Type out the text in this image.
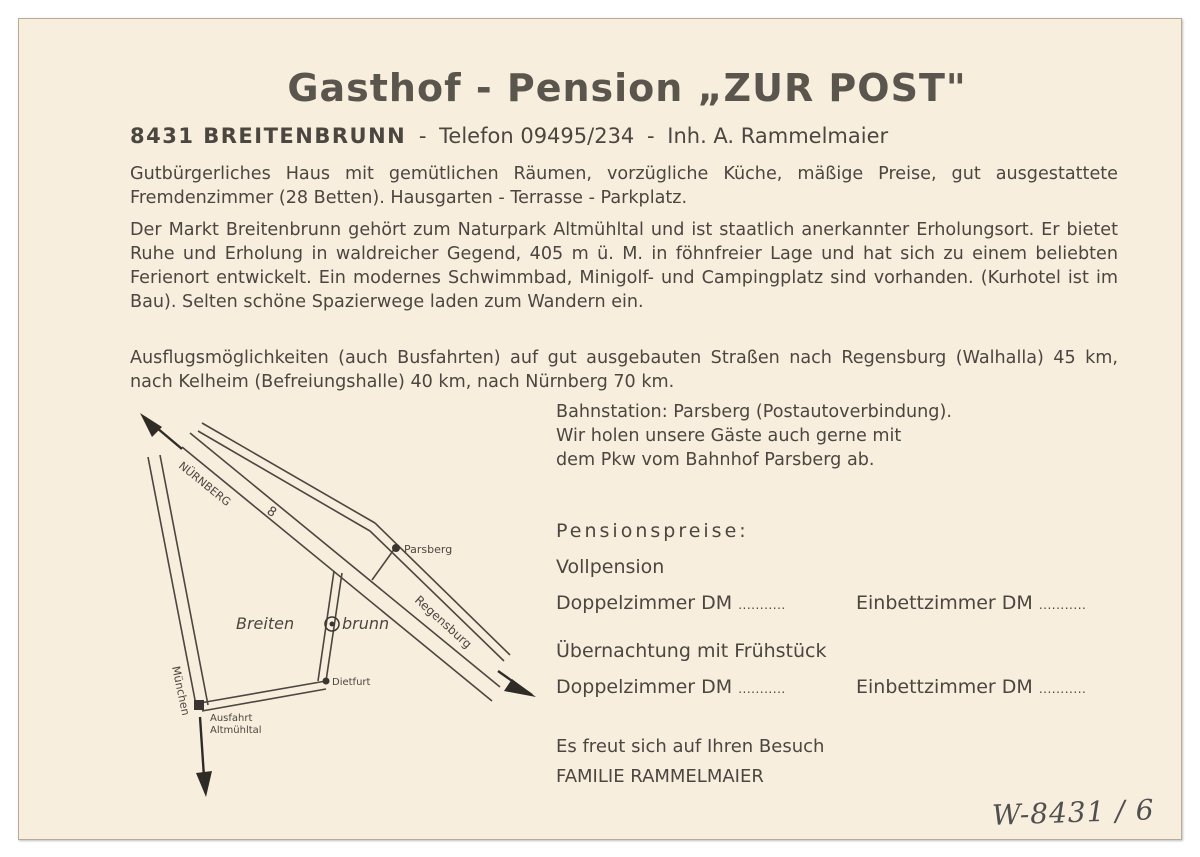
Gasthof - Pension „ZUR POST"
8431 BREITENBRUNN - Telefon 09495/234 - Inh. A. Rammelmaier
Gutbürgerliches Haus mit gemütlichen Räumen, vorzügliche Küche, mäßige Preise, gut ausgestattete Fremdenzimmer (28 Betten). Hausgarten - Terrasse - Parkplatz.
Der Markt Breitenbrunn gehört zum Naturpark Altmühltal und ist staatlich anerkannter Erholungsort. Er bietet Ruhe und Erholung in waldreicher Gegend, 405 m ü. M. in föhnfreier Lage und hat sich zu einem beliebten Ferienort entwickelt. Ein modernes Schwimmbad, Minigolf- und Campingplatz sind vorhanden. (Kurhotel ist im Bau). Selten schöne Spazierwege laden zum Wandern ein.
Ausflugsmöglichkeiten (auch Busfahrten) auf gut ausgebauten Straßen nach Regensburg (Walhalla) 45 km, nach Kelheim (Befreiungshalle) 40 km, nach Nürnberg 70 km.
Bahnstation: Parsberg (Postautoverbindung).
Wir holen unsere Gäste auch gerne mit
dem Pkw vom Bahnhof Parsberg ab.
Pensionspreise:
Vollpension
Doppelzimmer DM ...........	Einbettzimmer DM ...........
Übernachtung mit Frühstück
Doppelzimmer DM ...........	Einbettzimmer DM ...........
Es freut sich auf Ihren Besuch
FAMILIE RAMMELMAIER
NÜRNBERG
8
Parsberg
Breiten	brunn Regensburg
Dietfurt
München
Ausfahrt
Altmühltal
W-8431 / 6
